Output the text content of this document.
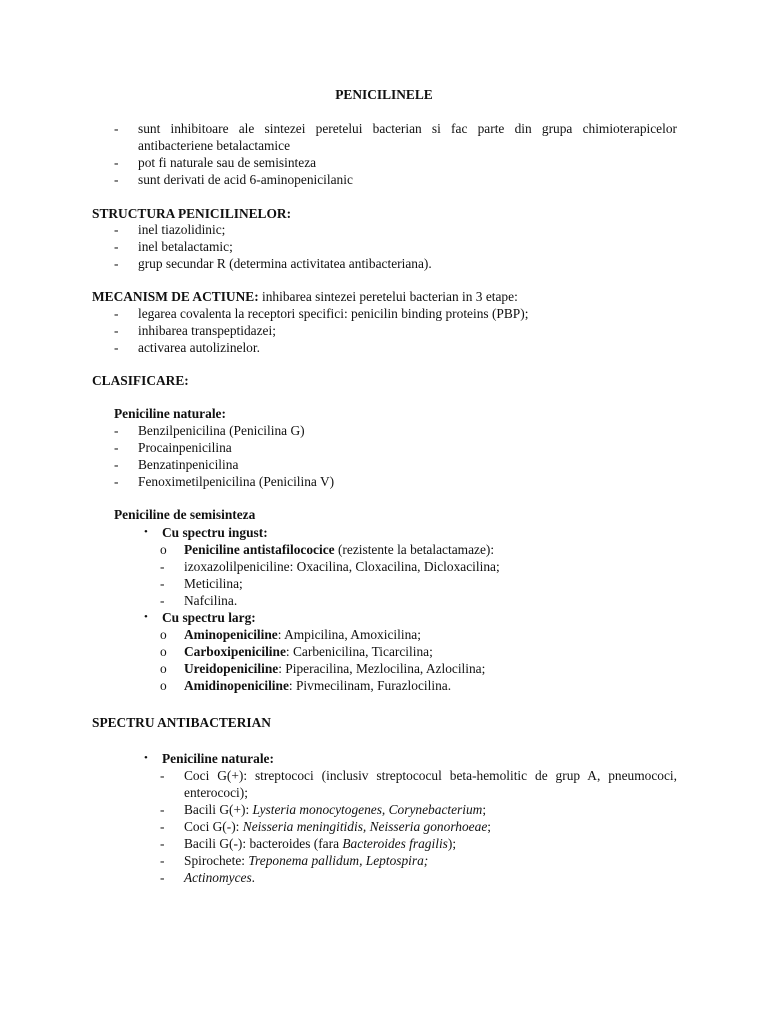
PENICILINELE
- sunt inhibitoare ale sintezei peretelui bacterian si fac parte din grupa chimioterapicelor antibacteriene betalactamice
- pot fi naturale sau de semisinteza
- sunt derivati de acid 6-aminopenicilanic
STRUCTURA PENICILINELOR:
- inel tiazolidinic;
- inel betalactamic;
- grup secundar R (determina activitatea antibacteriana).
MECANISM DE ACTIUNE: inhibarea sintezei peretelui bacterian in 3 etape:
- legarea covalenta la receptori specifici: penicilin binding proteins (PBP);
- inhibarea transpeptidazei;
- activarea autolizinelor.
CLASIFICARE:
Peniciline naturale:
- Benzilpenicilina (Penicilina G)
- Procainpenicilina
- Benzatinpenicilina
- Fenoximetilpenicilina (Penicilina V)
Peniciline de semisinteza
• Cu spectru ingust:
o Peniciline antistafilococice (rezistente la betalactamaze):
- izoxazolilpeniciline: Oxacilina, Cloxacilina, Dicloxacilina;
- Meticilina;
- Nafcilina.
• Cu spectru larg:
o Aminopeniciline: Ampicilina, Amoxicilina;
o Carboxipeniciline: Carbenicilina, Ticarcilina;
o Ureidopeniciline: Piperacilina, Mezlocilina, Azlocilina;
o Amidinopeniciline: Pivmecilinam, Furazlocilina.
SPECTRU ANTIBACTERIAN
• Peniciline naturale:
- Coci G(+): streptococi (inclusiv streptococul beta-hemolitic de grup A, pneumococi, enterococi);
- Bacili G(+): Lysteria monocytogenes, Corynebacterium;
- Coci G(-): Neisseria meningitidis, Neisseria gonorhoeae;
- Bacili G(-): bacteroides (fara Bacteroides fragilis);
- Spirochete: Treponema pallidum, Leptospira;
- Actinomyces.
